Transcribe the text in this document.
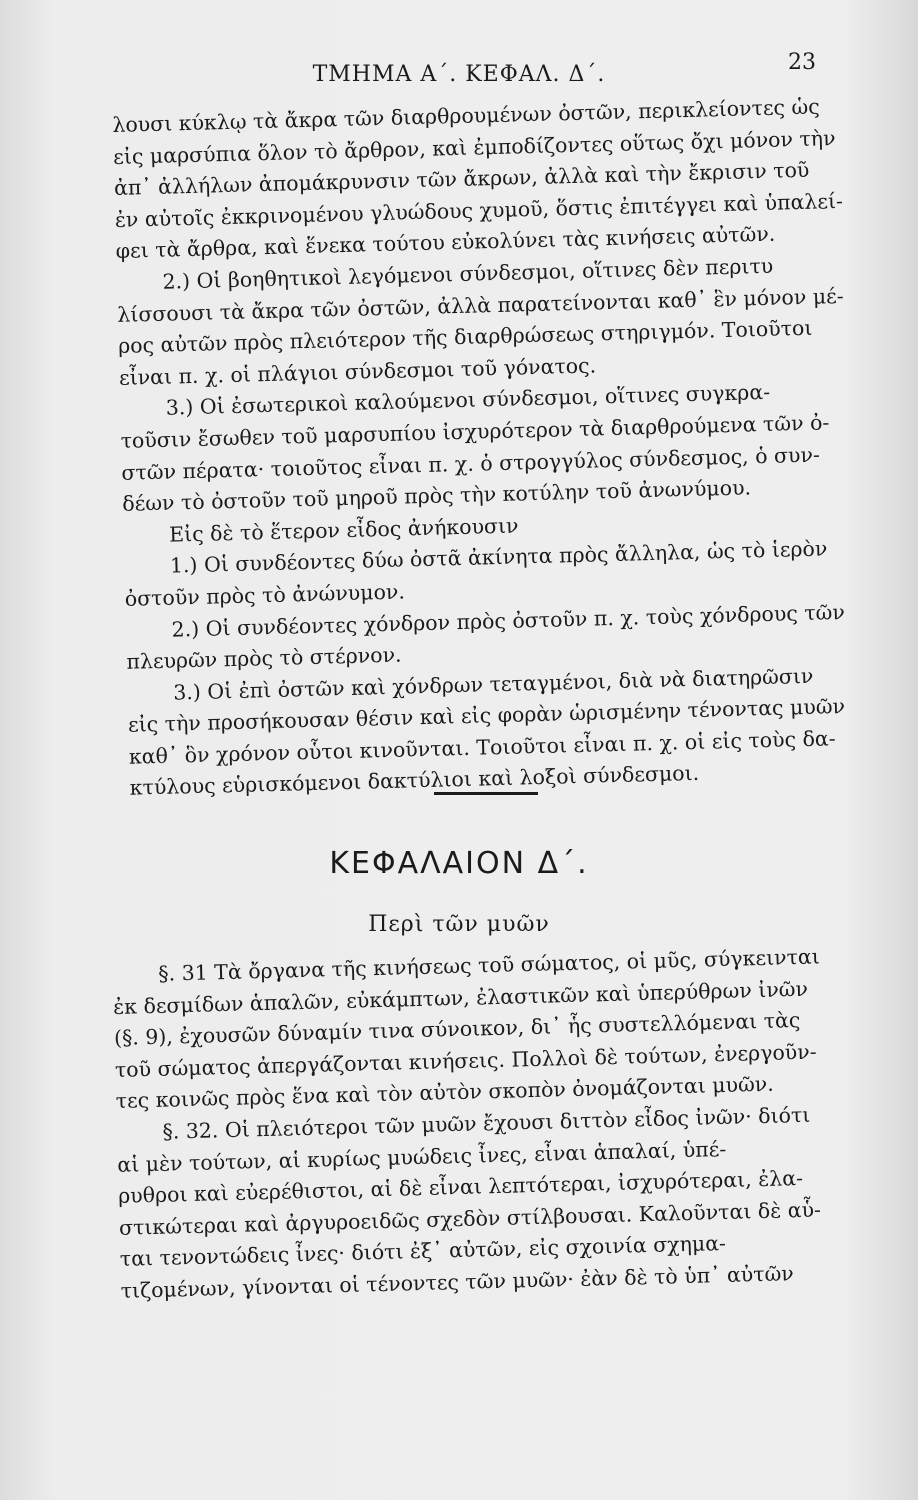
ΤΜΗΜΑ Α΄. ΚΕΦΑΛ. Δ΄.	23
λουσι κύκλῳ τὰ ἄκρα τῶν διαρθρουμένων ὀστῶν, περικλείοντες ὡς
εἰς μαρσύπια ὅλον τὸ ἄρθρον, καὶ ἐμποδίζοντες οὕτως ὄχι μόνον τὴν
ἀπ᾽ ἀλλήλων ἀπομάκρυνσιν τῶν ἄκρων, ἀλλὰ καὶ τὴν ἔκρισιν τοῦ
ἐν αὐτοῖς ἐκκρινομένου γλυώδους χυμοῦ, ὅστις ἐπιτέγγει καὶ ὑπαλεί-
φει τὰ ἄρθρα, καὶ ἕνεκα τούτου εὐκολύνει τὰς κινήσεις αὐτῶν.
2.) Οἱ βοηθητικοὶ λεγόμενοι σύνδεσμοι, οἵτινες δὲν περιτυ
λίσσουσι τὰ ἄκρα τῶν ὀστῶν, ἀλλὰ παρατείνονται καθ᾽ ἓν μόνον μέ-
ρος αὐτῶν πρὸς πλειότερον τῆς διαρθρώσεως στηριγμόν. Τοιοῦτοι
εἶναι π. χ. οἱ πλάγιοι σύνδεσμοι τοῦ γόνατος.
3.) Οἱ ἐσωτερικοὶ καλούμενοι σύνδεσμοι, οἵτινες συγκρα-
τοῦσιν ἔσωθεν τοῦ μαρσυπίου ἰσχυρότερον τὰ διαρθρούμενα τῶν ὀ-
στῶν πέρατα· τοιοῦτος εἶναι π. χ. ὁ στρογγύλος σύνδεσμος, ὁ συν-
δέων τὸ ὀστοῦν τοῦ μηροῦ πρὸς τὴν κοτύλην τοῦ ἀνωνύμου.
Εἰς δὲ τὸ ἕτερον εἶδος ἀνήκουσιν
1.) Οἱ συνδέοντες δύω ὀστᾶ ἀκίνητα πρὸς ἄλληλα, ὡς τὸ ἱερὸν
ὀστοῦν πρὸς τὸ ἀνώνυμον.
2.) Οἱ συνδέοντες χόνδρον πρὸς ὀστοῦν π. χ. τοὺς χόνδρους τῶν
πλευρῶν πρὸς τὸ στέρνον.
3.) Οἱ ἐπὶ ὀστῶν καὶ χόνδρων τεταγμένοι, διὰ νὰ διατηρῶσιν
εἰς τὴν προσήκουσαν θέσιν καὶ εἰς φορὰν ὡρισμένην τένοντας μυῶν
καθ᾽ ὃν χρόνον οὗτοι κινοῦνται. Τοιοῦτοι εἶναι π. χ. οἱ εἰς τοὺς δα-
κτύλους εὑρισκόμενοι δακτύλιοι καὶ λοξοὶ σύνδεσμοι.
ΚΕΦΑΛΑΙΟΝ Δ΄.
Περὶ τῶν μυῶν
§. 31 Τὰ ὄργανα τῆς κινήσεως τοῦ σώματος, οἱ μῦς, σύγκεινται
ἐκ δεσμίδων ἁπαλῶν, εὐκάμπτων, ἐλαστικῶν καὶ ὑπερύθρων ἰνῶν
(§. 9), ἐχουσῶν δύναμίν τινα σύνοικον, δι᾽ ἧς συστελλόμεναι τὰς
τοῦ σώματος ἀπεργάζονται κινήσεις. Πολλοὶ δὲ τούτων, ἐνεργοῦν-
τες κοινῶς πρὸς ἕνα καὶ τὸν αὐτὸν σκοπὸν ὀνομάζονται μυῶν.
§. 32. Οἱ πλειότεροι τῶν μυῶν ἔχουσι διττὸν εἶδος ἰνῶν· διότι
αἱ μὲν τούτων, αἱ κυρίως μυώδεις ἶνες, εἶναι ἁπαλαί, ὑπέ-
ρυθροι καὶ εὐερέθιστοι, αἱ δὲ εἶναι λεπτότεραι, ἰσχυρότεραι, ἐλα-
στικώτεραι καὶ ἀργυροειδῶς σχεδὸν στίλβουσαι. Καλοῦνται δὲ αὗ-
ται τενοντώδεις ἶνες· διότι ἐξ᾽ αὐτῶν, εἰς σχοινία σχημα-
τιζομένων, γίνονται οἱ τένοντες τῶν μυῶν· ἐὰν δὲ τὸ ὑπ᾽ αὐτῶν
